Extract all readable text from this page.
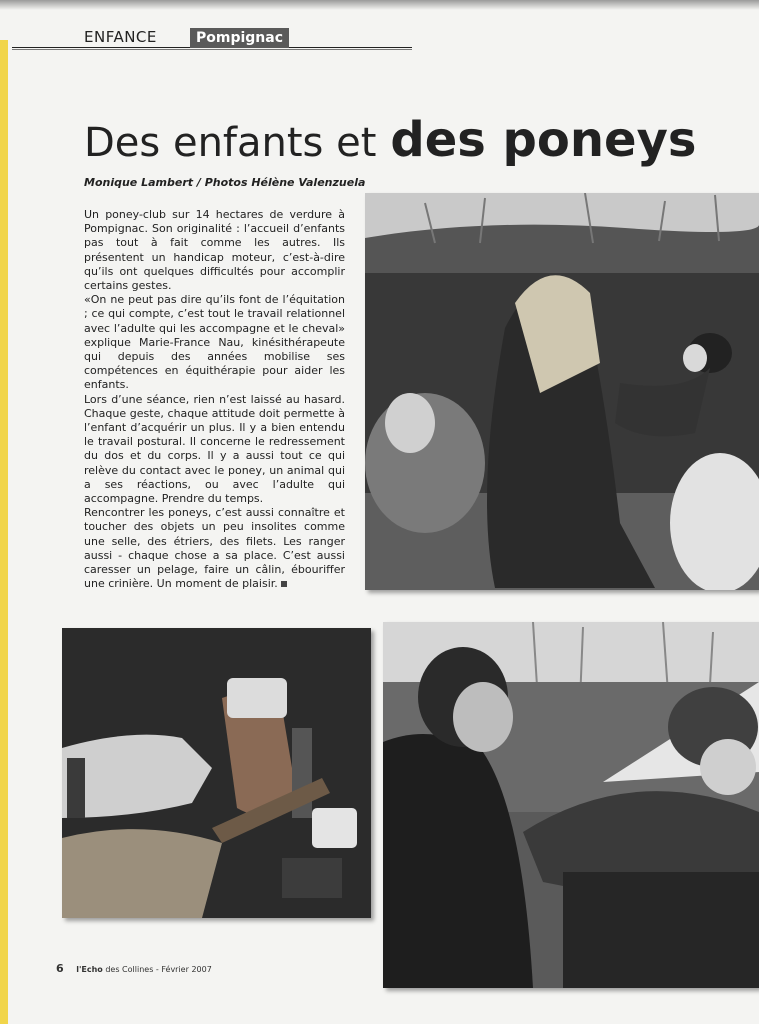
ENFANCE	Pompignac
Des enfants et des poneys
Monique Lambert / Photos Hélène Valenzuela

Un poney-club sur 14 hectares de verdure à Pompignac. Son originalité : l’accueil d’enfants pas tout à fait comme les autres. Ils présentent un handicap moteur, c’est-à-dire qu’ils ont quelques difficultés pour accomplir certains gestes.

«On ne peut pas dire qu’ils font de l’équitation ; ce qui compte, c’est tout le travail relationnel avec l’adulte qui les accompagne et le cheval» explique Marie-France Nau, kinésithérapeute qui depuis des années mobilise ses compétences en équithérapie pour aider les enfants.

Lors d’une séance, rien n’est laissé au hasard. Chaque geste, chaque attitude doit permette à l’enfant d’acquérir un plus. Il y a bien entendu le travail postural. Il concerne le redressement du dos et du corps. Il y a aussi tout ce qui relève du contact avec le poney, un animal qui a ses réactions, ou avec l’adulte qui accompagne. Prendre du temps.

Rencontrer les poneys, c’est aussi connaître et toucher des objets un peu insolites comme une selle, des étriers, des filets. Les ranger aussi - chaque chose a sa place. C’est aussi caresser un pelage, faire un câlin, ébouriffer une crinière. Un moment de plaisir.

6 l'Echo des Collines - Février 2007
